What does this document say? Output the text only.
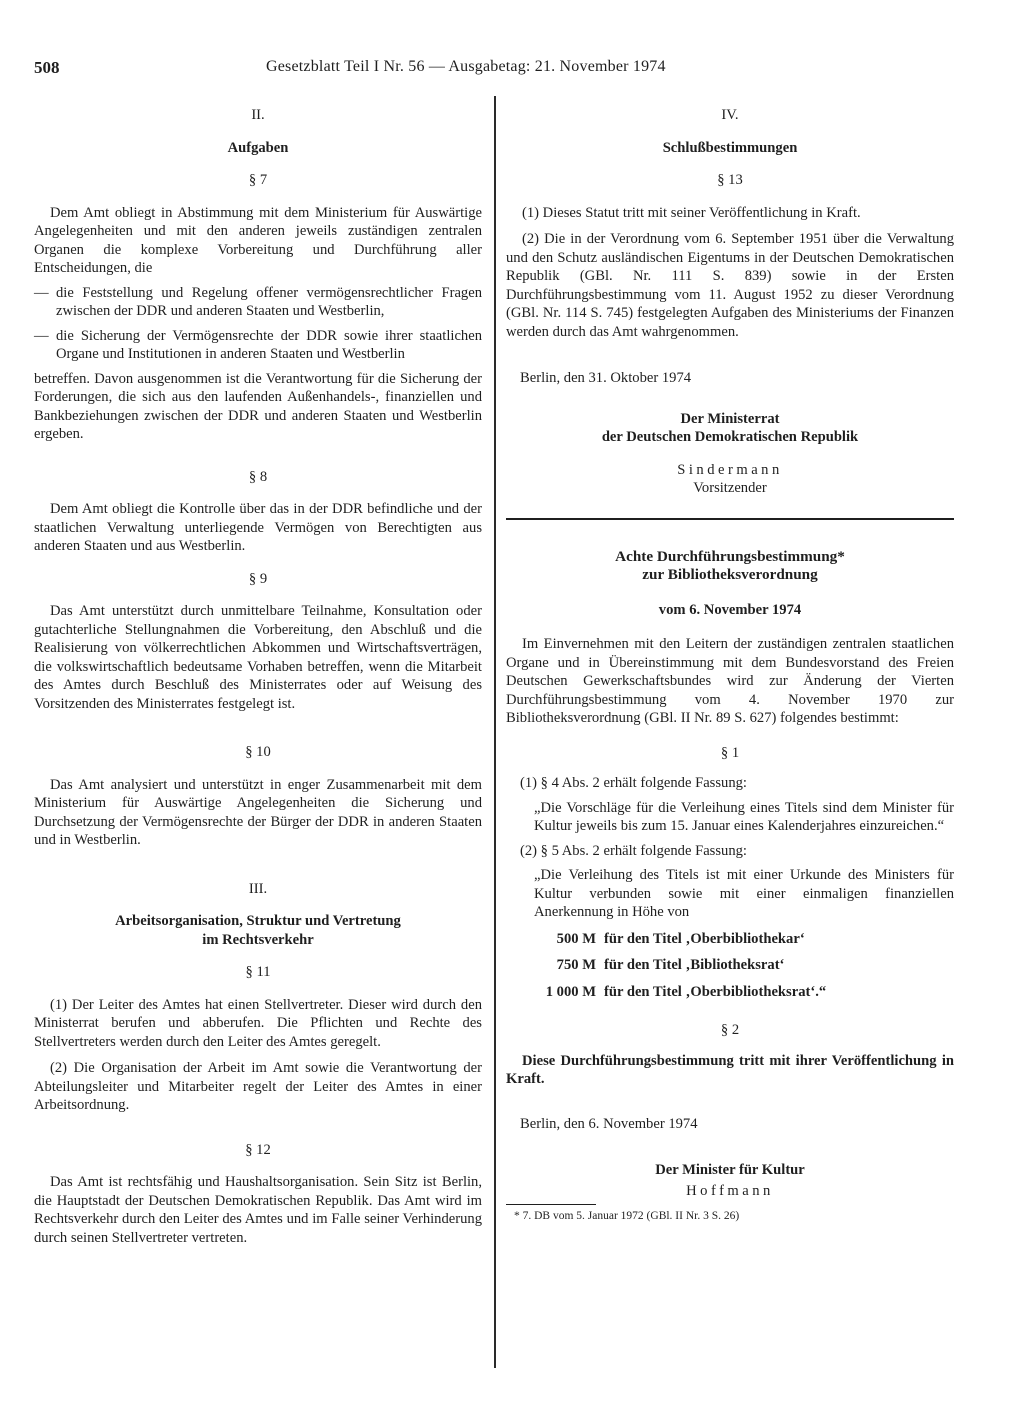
508	Gesetzblatt Teil I Nr. 56 — Ausgabetag: 21. November 1974

II.

Aufgaben

§ 7

Dem Amt obliegt in Abstimmung mit dem Ministerium für Auswärtige Angelegenheiten und mit den anderen jeweils zuständigen zentralen Organen die komplexe Vorbereitung und Durchführung aller Entscheidungen, die

— die Feststellung und Regelung offener vermögensrechtlicher Fragen zwischen der DDR und anderen Staaten und Westberlin,
— die Sicherung der Vermögensrechte der DDR sowie ihrer staatlichen Organe und Institutionen in anderen Staaten und Westberlin

betreffen. Davon ausgenommen ist die Verantwortung für die Sicherung der Forderungen, die sich aus den laufenden Außenhandels-, finanziellen und Bankbeziehungen zwischen der DDR und anderen Staaten und Westberlin ergeben.

§ 8

Dem Amt obliegt die Kontrolle über das in der DDR befindliche und der staatlichen Verwaltung unterliegende Vermögen von Berechtigten aus anderen Staaten und aus Westberlin.

§ 9

Das Amt unterstützt durch unmittelbare Teilnahme, Konsultation oder gutachterliche Stellungnahmen die Vorbereitung, den Abschluß und die Realisierung von völkerrechtlichen Abkommen und Wirtschaftsverträgen, die volkswirtschaftlich bedeutsame Vorhaben betreffen, wenn die Mitarbeit des Amtes durch Beschluß des Ministerrates oder auf Weisung des Vorsitzenden des Ministerrates festgelegt ist.

§ 10

Das Amt analysiert und unterstützt in enger Zusammenarbeit mit dem Ministerium für Auswärtige Angelegenheiten die Sicherung und Durchsetzung der Vermögensrechte der Bürger der DDR in anderen Staaten und in Westberlin.

III.

Arbeitsorganisation, Struktur und Vertretung

im Rechtsverkehr

§ 11

(1) Der Leiter des Amtes hat einen Stellvertreter. Dieser wird durch den Ministerrat berufen und abberufen. Die Pflichten und Rechte des Stellvertreters werden durch den Leiter des Amtes geregelt.

(2) Die Organisation der Arbeit im Amt sowie die Verantwortung der Abteilungsleiter und Mitarbeiter regelt der Leiter des Amtes in einer Arbeitsordnung.

§ 12

Das Amt ist rechtsfähig und Haushaltsorganisation. Sein Sitz ist Berlin, die Hauptstadt der Deutschen Demokratischen Republik. Das Amt wird im Rechtsverkehr durch den Leiter des Amtes und im Falle seiner Verhinderung durch seinen Stellvertreter vertreten.

IV.

Schlußbestimmungen

§ 13

(1) Dieses Statut tritt mit seiner Veröffentlichung in Kraft.

(2) Die in der Verordnung vom 6. September 1951 über die Verwaltung und den Schutz ausländischen Eigentums in der Deutschen Demokratischen Republik (GBl. Nr. 111 S. 839) sowie in der Ersten Durchführungsbestimmung vom 11. August 1952 zu dieser Verordnung (GBl. Nr. 114 S. 745) festgelegten Aufgaben des Ministeriums der Finanzen werden durch das Amt wahrgenommen.

Berlin, den 31. Oktober 1974

Der Ministerrat

der Deutschen Demokratischen Republik

Sindermann

Vorsitzender

Achte Durchführungsbestimmung*

zur Bibliotheksverordnung

vom 6. November 1974

Im Einvernehmen mit den Leitern der zuständigen zentralen staatlichen Organe und in Übereinstimmung mit dem Bundesvorstand des Freien Deutschen Gewerkschaftsbundes wird zur Änderung der Vierten Durchführungsbestimmung vom 4. November 1970 zur Bibliotheksverordnung (GBl. II Nr. 89 S. 627) folgendes bestimmt:

§ 1

(1) § 4 Abs. 2 erhält folgende Fassung:

„Die Vorschläge für die Verleihung eines Titels sind dem Minister für Kultur jeweils bis zum 15. Januar eines Kalenderjahres einzureichen.“

(2) § 5 Abs. 2 erhält folgende Fassung:

„Die Verleihung des Titels ist mit einer Urkunde des Ministers für Kultur verbunden sowie mit einer einmaligen finanziellen Anerkennung in Höhe von

500 M für den Titel ‚Oberbibliothekar‘
750 M für den Titel ‚Bibliotheksrat‘
1 000 M für den Titel ‚Oberbibliotheksrat‘.“

§ 2

Diese Durchführungsbestimmung tritt mit ihrer Veröffentlichung in Kraft.

Berlin, den 6. November 1974

Der Minister für Kultur

Hoffmann

* 7. DB vom 5. Januar 1972 (GBl. II Nr. 3 S. 26)
